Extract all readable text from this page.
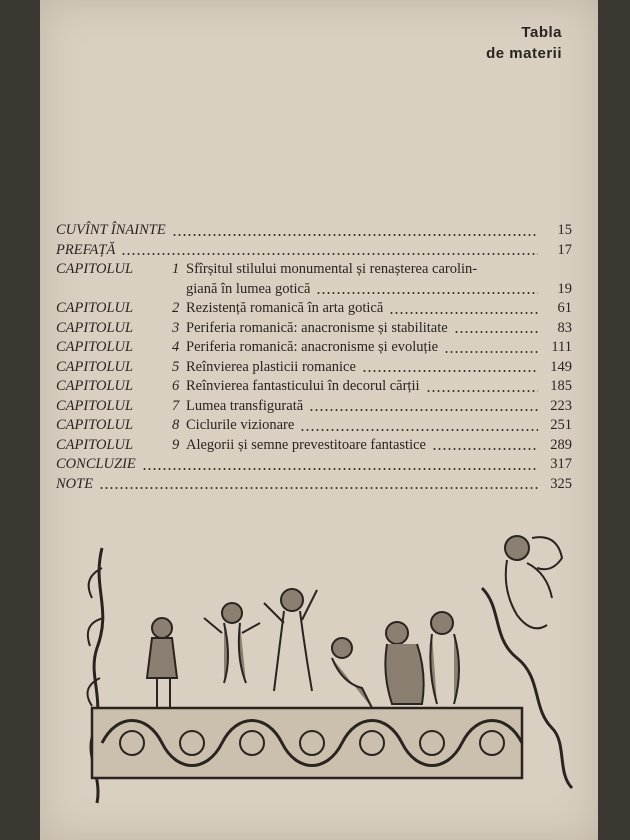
Tabla
de materii
CUVÎNT ÎNAINTE	15
PREFAȚĂ	17
CAPITOLUL	1 Sfîrșitul stilului monumental și renașterea carolin-
giană în lumea gotică	19
CAPITOLUL	2 Rezistență romanică în arta gotică	61
CAPITOLUL	3 Periferia romanică: anacronisme și stabilitate	83
CAPITOLUL	4 Periferia romanică: anacronisme și evoluție	111
CAPITOLUL	5 Reînvierea plasticii romanice	149
CAPITOLUL	6 Reînvierea fantasticului în decorul cărții	185
CAPITOLUL	7 Lumea transfigurată	223
CAPITOLUL	8 Ciclurile vizionare	251
CAPITOLUL	9 Alegorii și semne prevestitoare fantastice	289
CONCLUZIE	317
NOTE	325
